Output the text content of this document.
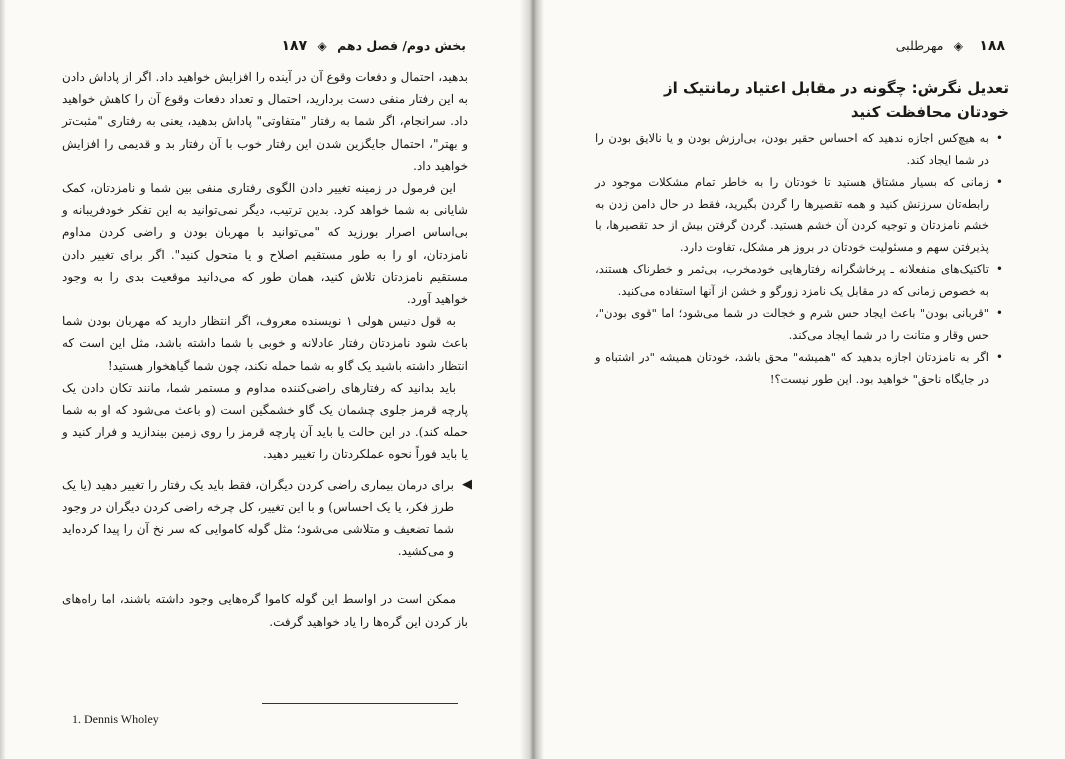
بخش دوم/ فصل دهم ◈ ۱۸۷

بدهید، احتمال و دفعات وقوع آن در آینده را افزایش خواهید داد. اگر از پاداش دادن به این رفتار منفی دست بردارید، احتمال و تعداد دفعات وقوع آن را کاهش خواهید داد. سرانجام، اگر شما به رفتار "متفاوتی" پاداش بدهید، یعنی به رفتاری "مثبت‌تر و بهتر"، احتمال جایگزین شدن این رفتار خوب با آن رفتار بد و قدیمی را افزایش خواهید داد.

این فرمول در زمینه تغییر دادن الگوی رفتاری منفی بین شما و نامزدتان، کمک شایانی به شما خواهد کرد. بدین ترتیب، دیگر نمی‌توانید به این تفکر خودفریبانه و بی‌اساس اصرار بورزید که "می‌توانید با مهربان بودن و راضی کردن مداوم نامزدتان، او را به طور مستقیم اصلاح و یا متحول کنید". اگر برای تغییر دادن مستقیم نامزدتان تلاش کنید، همان طور که می‌دانید موقعیت بدی را به وجود خواهید آورد.

به قول دنیس هولی ۱ نویسنده معروف، اگر انتظار دارید که مهربان بودن شما باعث شود نامزدتان رفتار عادلانه و خوبی با شما داشته باشد، مثل این است که انتظار داشته باشید یک گاو به شما حمله نکند، چون شما گیاهخوار هستید!

باید بدانید که رفتارهای راضی‌کننده مداوم و مستمر شما، مانند تکان دادن یک پارچه قرمز جلوی چشمان یک گاو خشمگین است (و باعث می‌شود که او به شما حمله کند). در این حالت یا باید آن پارچه قرمز را روی زمین بیندازید و فرار کنید و یا باید فوراً نحوه عملکردتان را تغییر دهید.

◀
برای درمان بیماری راضی کردن دیگران، فقط باید یک رفتار را تغییر دهید (یا یک طرز فکر، یا یک احساس) و با این تغییر، کل چرخه راضی کردن دیگران در وجود شما تضعیف و متلاشی می‌شود؛ مثل گوله کاموایی که سر نخ آن را پیدا کرده‌اید و می‌کشید.

ممکن است در اواسط این گوله کاموا گره‌هایی وجود داشته باشند، اما راه‌های باز کردن این گره‌ها را یاد خواهید گرفت.

1. Dennis Wholey
۱۸۸ ◈ مهرطلبی
تعدیل نگرش: چگونه در مقابل اعتیاد رمانتیک از خودتان محافظت کنید
•
به هیچ‌کس اجازه ندهید که احساس حقیر بودن، بی‌ارزش بودن و یا نالایق بودن را در شما ایجاد کند.
•
زمانی که بسیار مشتاق هستید تا خودتان را به خاطر تمام مشکلات موجود در رابطه‌تان سرزنش کنید و همه تقصیرها را گردن بگیرید، فقط در حال دامن زدن به خشم نامزدتان و توجیه کردن آن خشم هستید. گردن گرفتن بیش از حد تقصیرها، با پذیرفتن سهم و مسئولیت خودتان در بروز هر مشکل، تفاوت دارد.
•
تاکتیک‌های منفعلانه ـ پرخاشگرانه رفتارهایی خودمخرب، بی‌ثمر و خطرناک هستند، به خصوص زمانی که در مقابل یک نامزد زورگو و خشن از آنها استفاده می‌کنید.
•
"قربانی بودن" باعث ایجاد حس شرم و خجالت در شما می‌شود؛ اما "قوی بودن"، حس وقار و متانت را در شما ایجاد می‌کند.
•
اگر به نامزدتان اجازه بدهید که "همیشه" محق باشد، خودتان همیشه "در اشتباه و در جایگاه ناحق" خواهید بود. این طور نیست؟!
